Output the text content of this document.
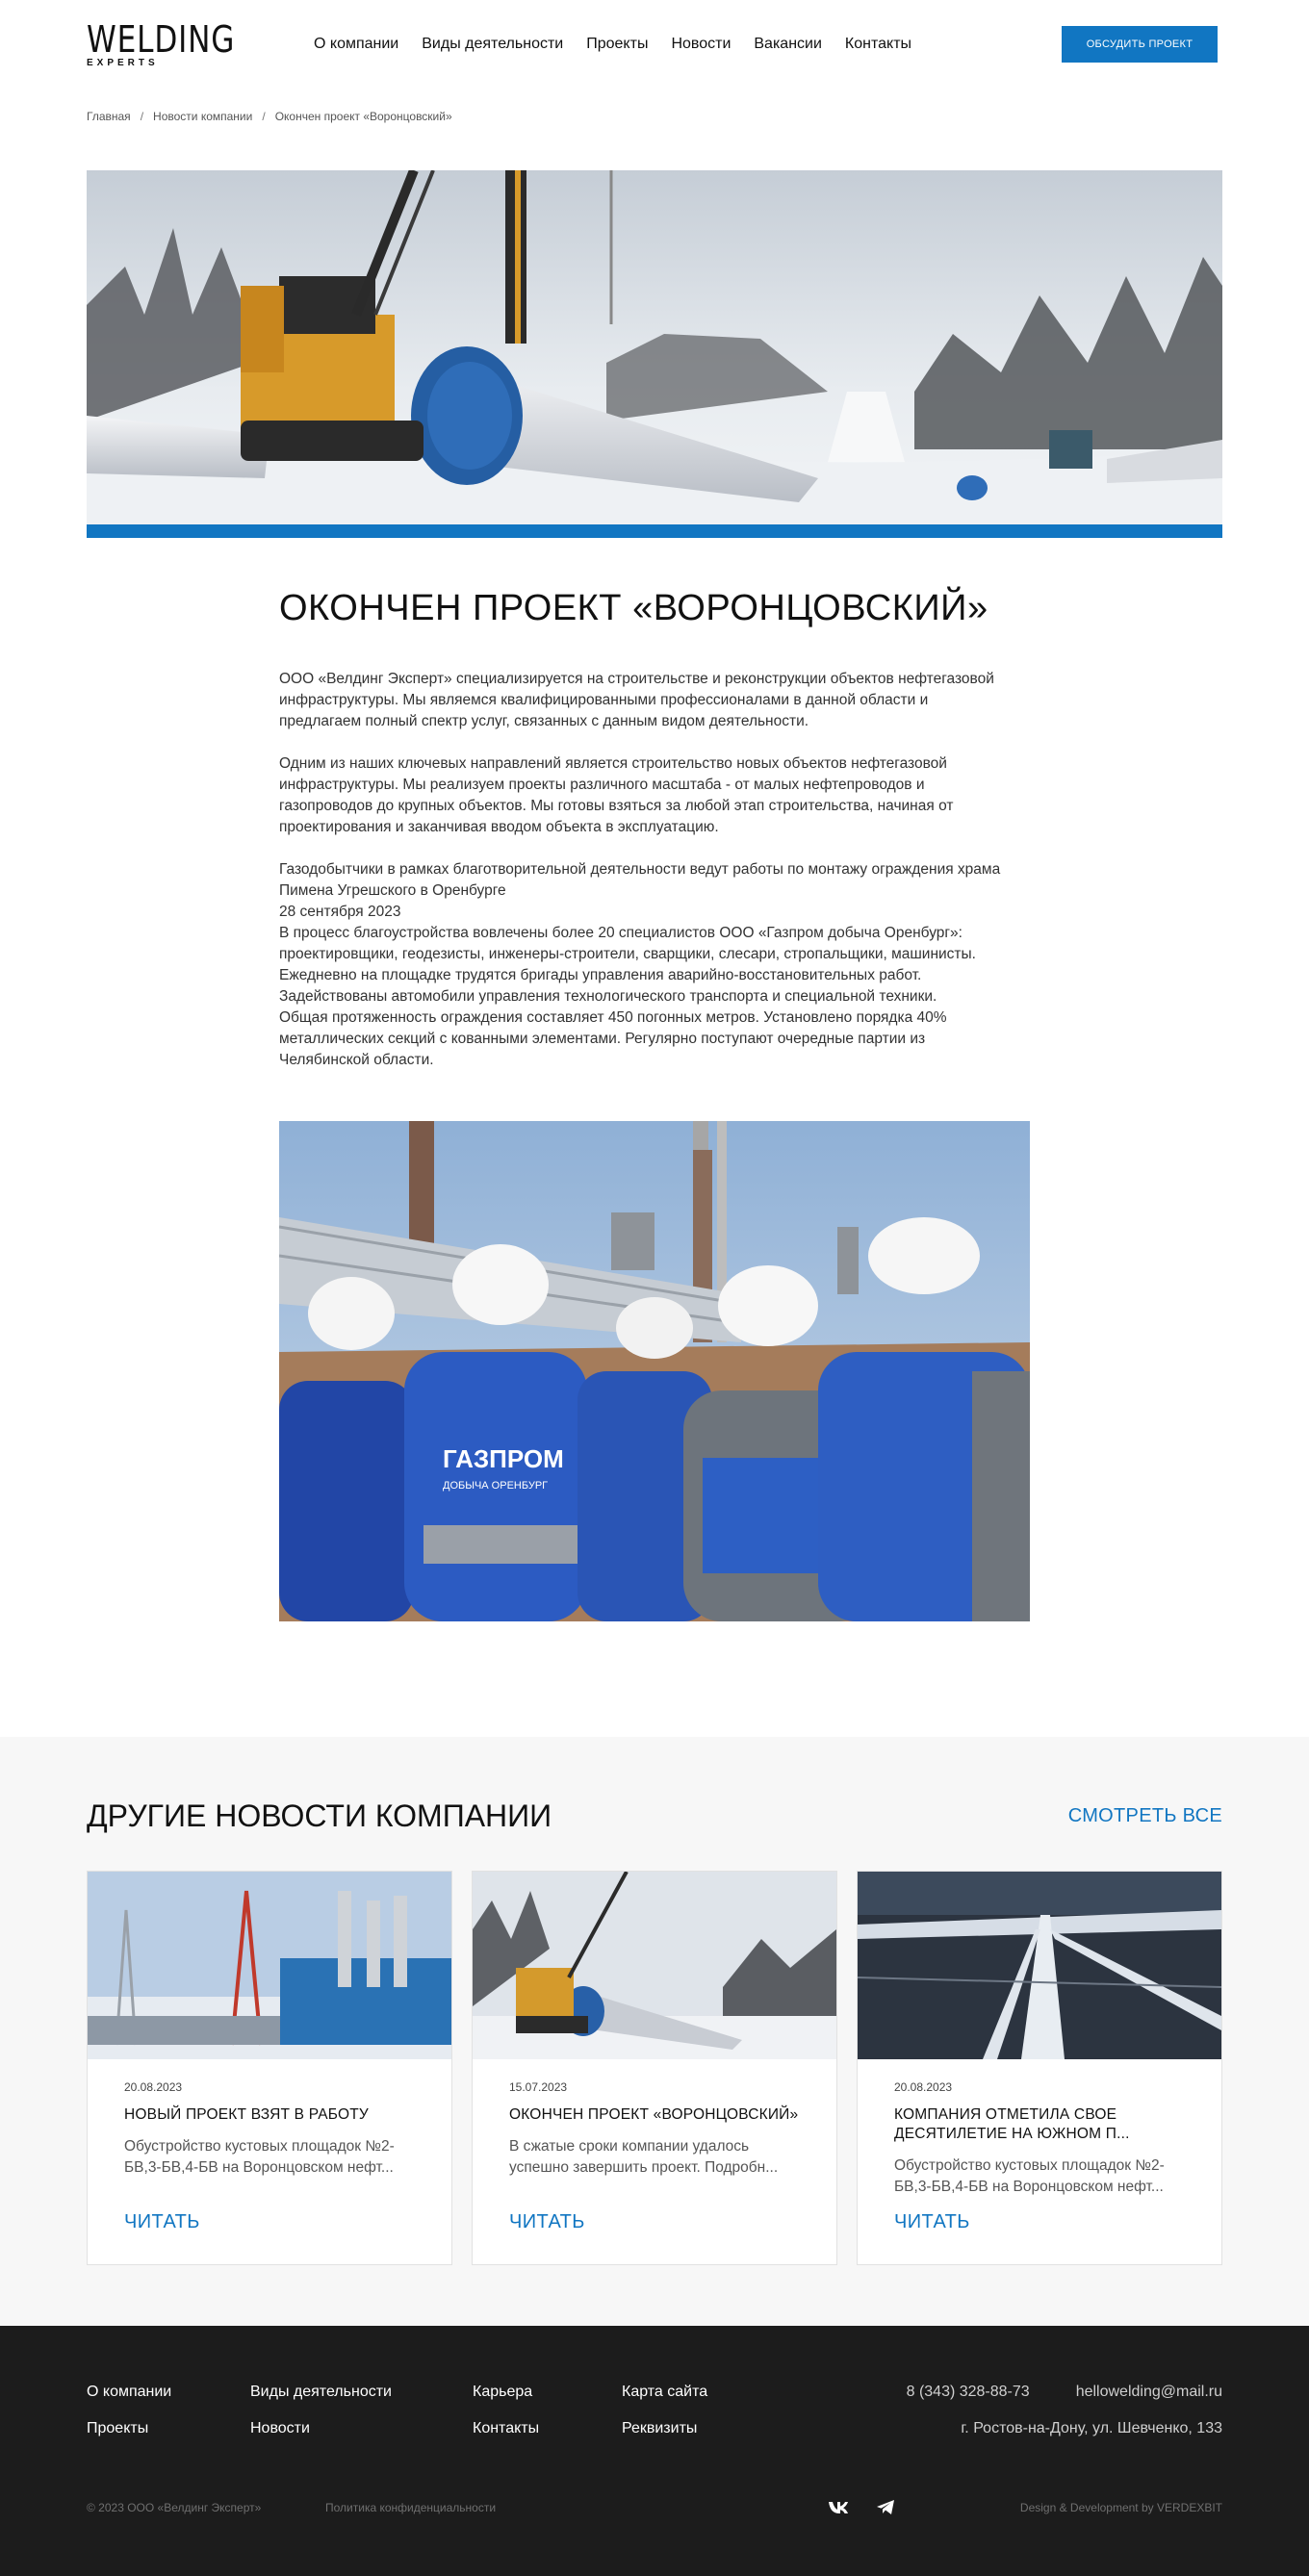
WELDING
EXPERTS
О компании Виды деятельности Проекты Новости Вакансии Контакты	ОБСУДИТЬ ПРОЕКТ
Главная / Новости компании / Окончен проект «Воронцовский»
ОКОНЧЕН ПРОЕКТ «ВОРОНЦОВСКИЙ»
ООО «Велдинг Эксперт» специализируется на строительстве и реконструкции объектов нефтегазовой
инфраструктуры. Мы являемся квалифицированными профессионалами в данной области и
предлагаем полный спектр услуг, связанных с данным видом деятельности.
Одним из наших ключевых направлений является строительство новых объектов нефтегазовой
инфраструктуры. Мы реализуем проекты различного масштаба - от малых нефтепроводов и
газопроводов до крупных объектов. Мы готовы взяться за любой этап строительства, начиная от
проектирования и заканчивая вводом объекта в эксплуатацию.
Газодобытчики в рамках благотворительной деятельности ведут работы по монтажу ограждения храма
Пимена Угрешского в Оренбурге
28 сентября 2023
В процесс благоустройства вовлечены более 20 специалистов ООО «Газпром добыча Оренбург»:
проектировщики, геодезисты, инженеры-строители, сварщики, слесари, стропальщики, машинисты.
Ежедневно на площадке трудятся бригады управления аварийно-восстановительных работ.
Задействованы автомобили управления технологического транспорта и специальной техники.
Общая протяженность ограждения составляет 450 погонных метров. Установлено порядка 40%
металлических секций с кованными элементами. Регулярно поступают очередные партии из
Челябинской области.
ГАЗПРОМ
ДОБЫЧА ОРЕНБУРГ
ДРУГИЕ НОВОСТИ КОМПАНИИ	СМОТРЕТЬ ВСЕ
20.08.2023
НОВЫЙ ПРОЕКТ ВЗЯТ В РАБОТУ
Обустройство кустовых площадок №2-
БВ,3-БВ,4-БВ на Воронцовском нефт...
ЧИТАТЬ
15.07.2023
ОКОНЧЕН ПРОЕКТ «ВОРОНЦОВСКИЙ»
В сжатые сроки компании удалось
успешно завершить проект. Подробн...
ЧИТАТЬ
20.08.2023
КОМПАНИЯ ОТМЕТИЛА СВОЕ
ДЕСЯТИЛЕТИЕ НА ЮЖНОМ П...
Обустройство кустовых площадок №2-
БВ,3-БВ,4-БВ на Воронцовском нефт...
ЧИТАТЬ
О компании
Проекты
Виды деятельности
Новости
Карьера
Контакты
Карта сайта
Реквизиты
8 (343) 328-88-73	hellowelding@mail.ru
г. Ростов-на-Дону, ул. Шевченко, 133
© 2023 ООО «Велдинг Эксперт»	Политика конфиденциальности	Design & Development by VERDEXBIT
